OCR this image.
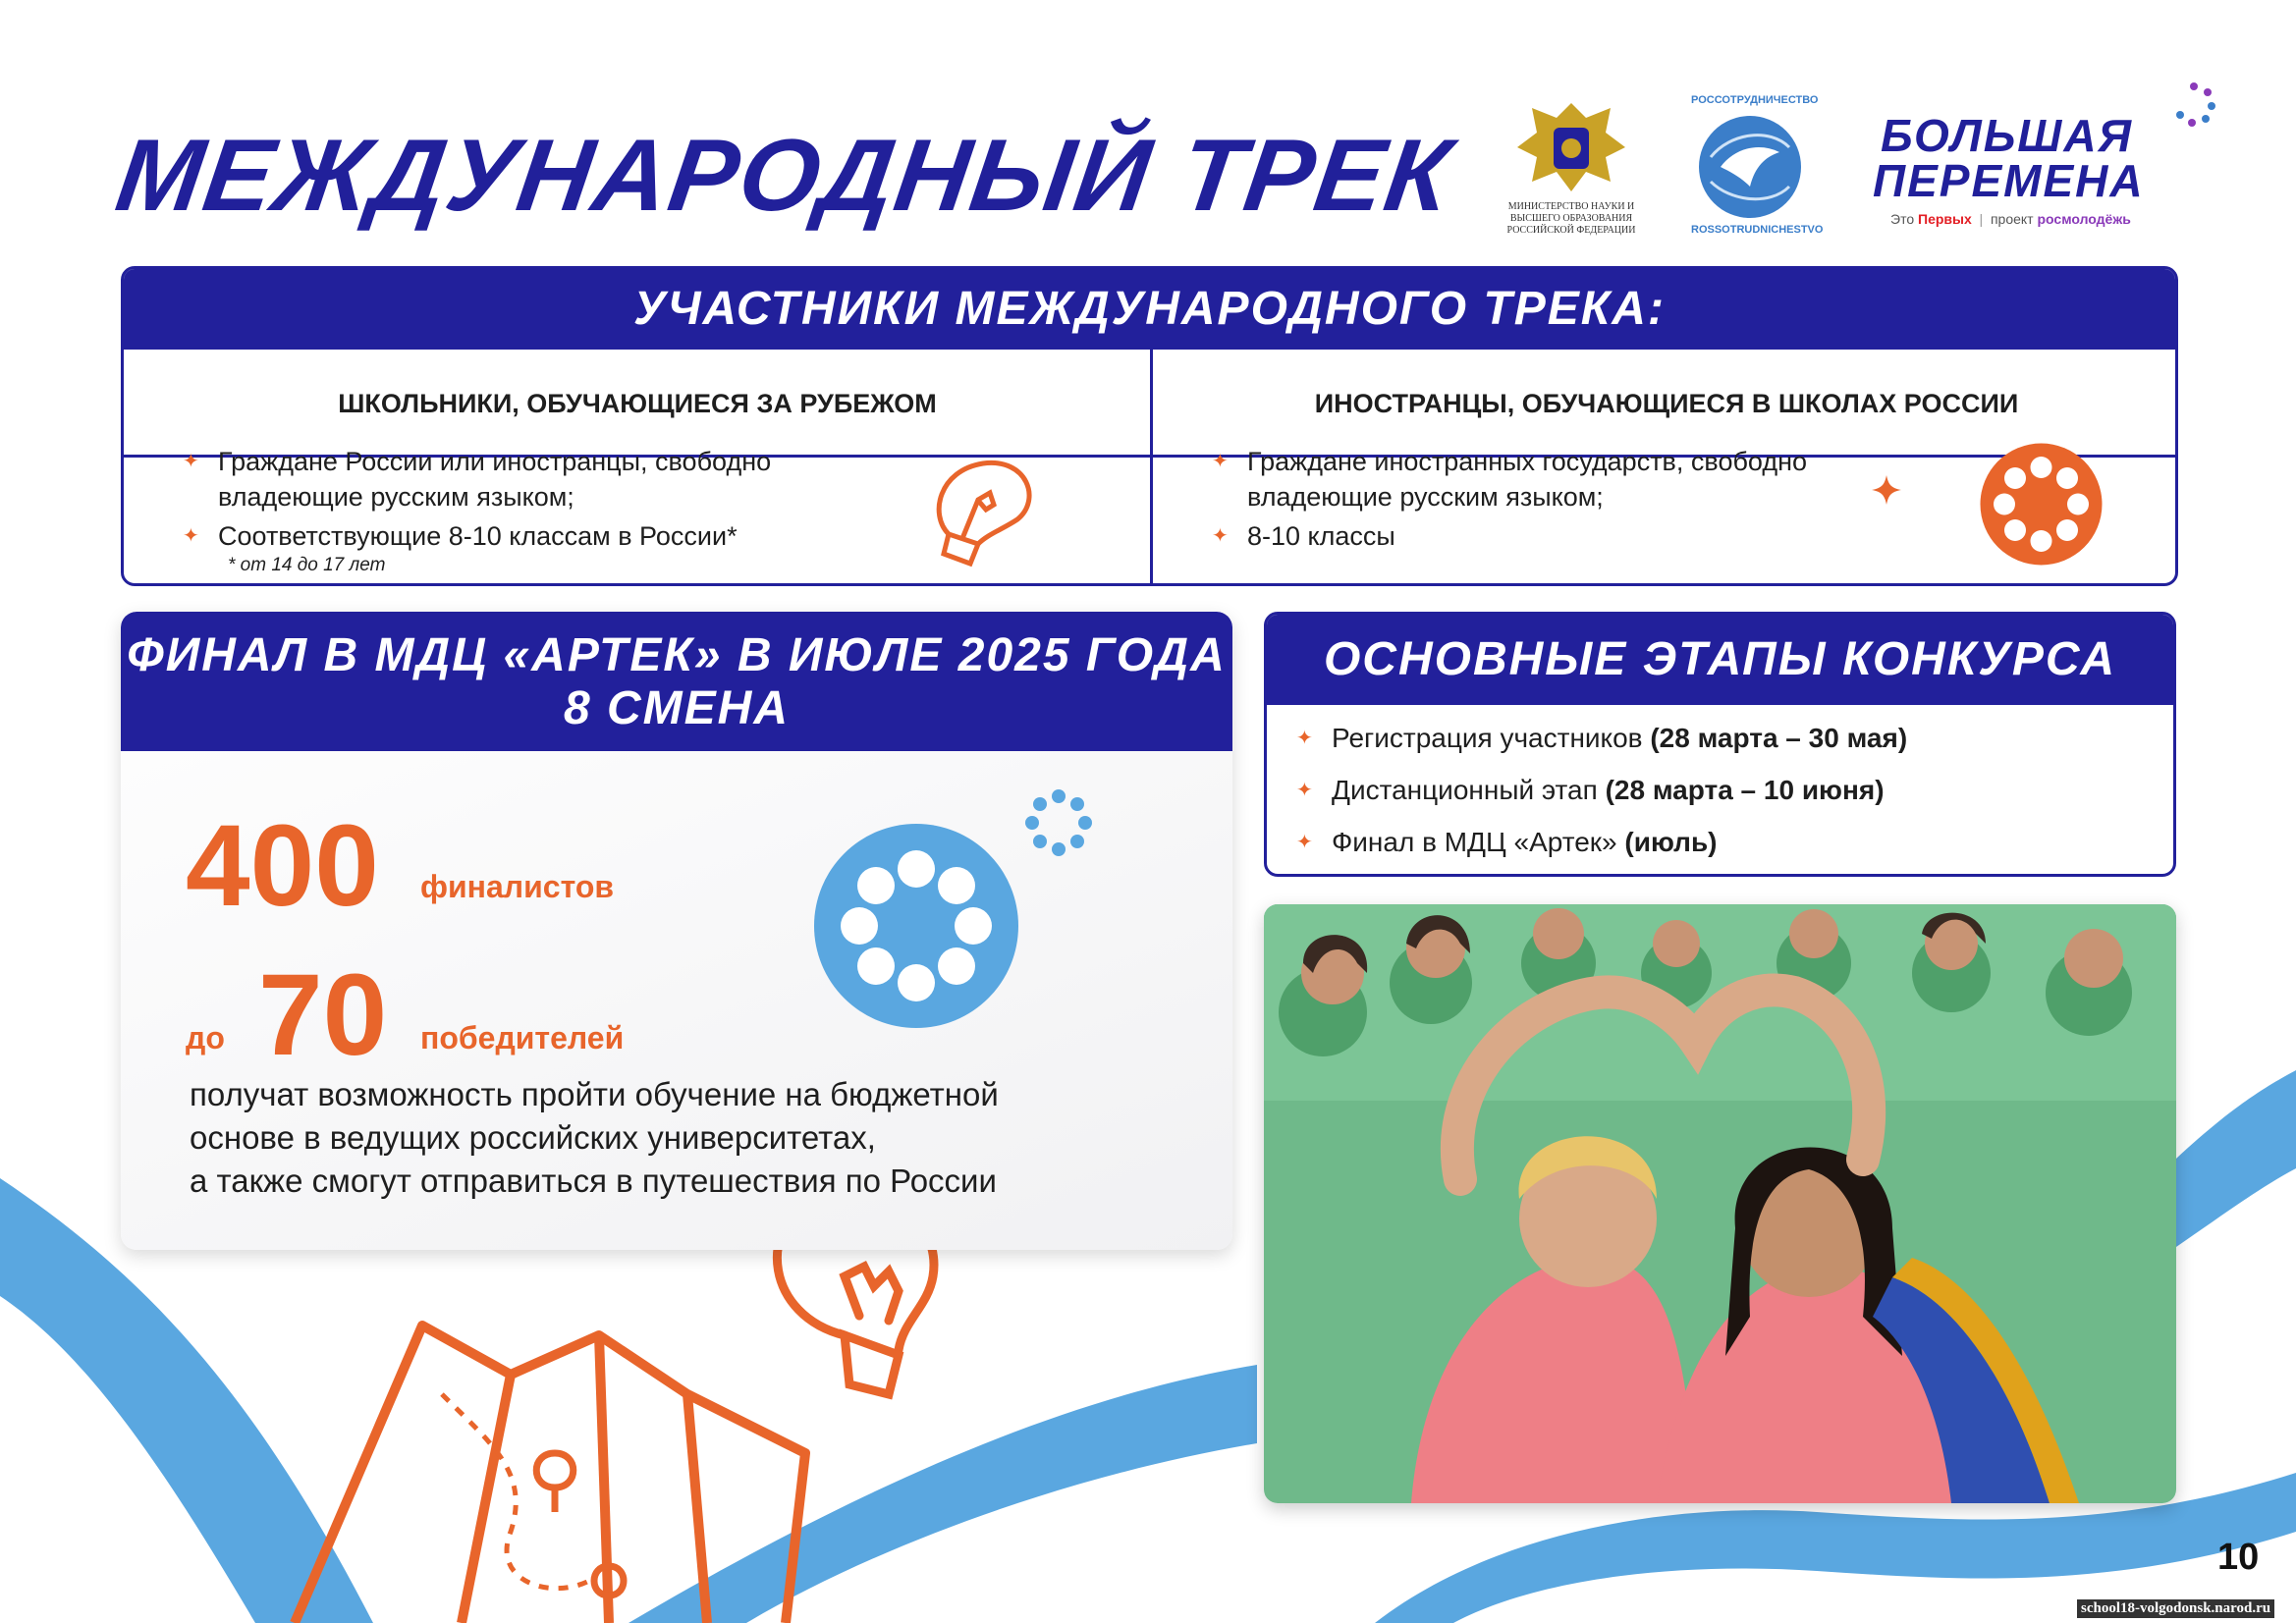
МЕЖДУНАРОДНЫЙ ТРЕК	МИНИСТЕРСТВО НАУКИ И ВЫСШЕГО ОБРАЗОВАНИЯ РОССИЙСКОЙ ФЕДЕРАЦИИ
РОССОТРУДНИЧЕСТВО
ROSSOTRUDNICHESTVO
БОЛЬШАЯ
ПЕРЕМЕНА
Это Первых  |  проект росмолодёжь
УЧАСТНИКИ МЕЖДУНАРОДНОГО ТРЕКА:
ШКОЛЬНИКИ, ОБУЧАЮЩИЕСЯ ЗА РУБЕЖОМ	ИНОСТРАНЦЫ, ОБУЧАЮЩИЕСЯ В ШКОЛАХ РОССИИ
✦ Граждане России или иностранцы, свободно владеющие русским языком;
✦ Соответствующие 8-10 классам в России*
* от 14 до 17 лет
✦ Граждане иностранных государств, свободно владеющие русским языком;
✦ 8-10 классы
ФИНАЛ В МДЦ «АРТЕК» В ИЮЛЕ 2025 ГОДА
8 СМЕНА
400 финалистов
до 70 победителей
получат возможность пройти обучение на бюджетной
основе в ведущих российских университетах,
а также смогут отправиться в путешествия по России
ОСНОВНЫЕ ЭТАПЫ КОНКУРСА
✦ Регистрация участников (28 марта – 30 мая)
✦ Дистанционный этап (28 марта – 10 июня)
✦ Финал в МДЦ «Артек» (июль)
10
school18-volgodonsk.narod.ru
